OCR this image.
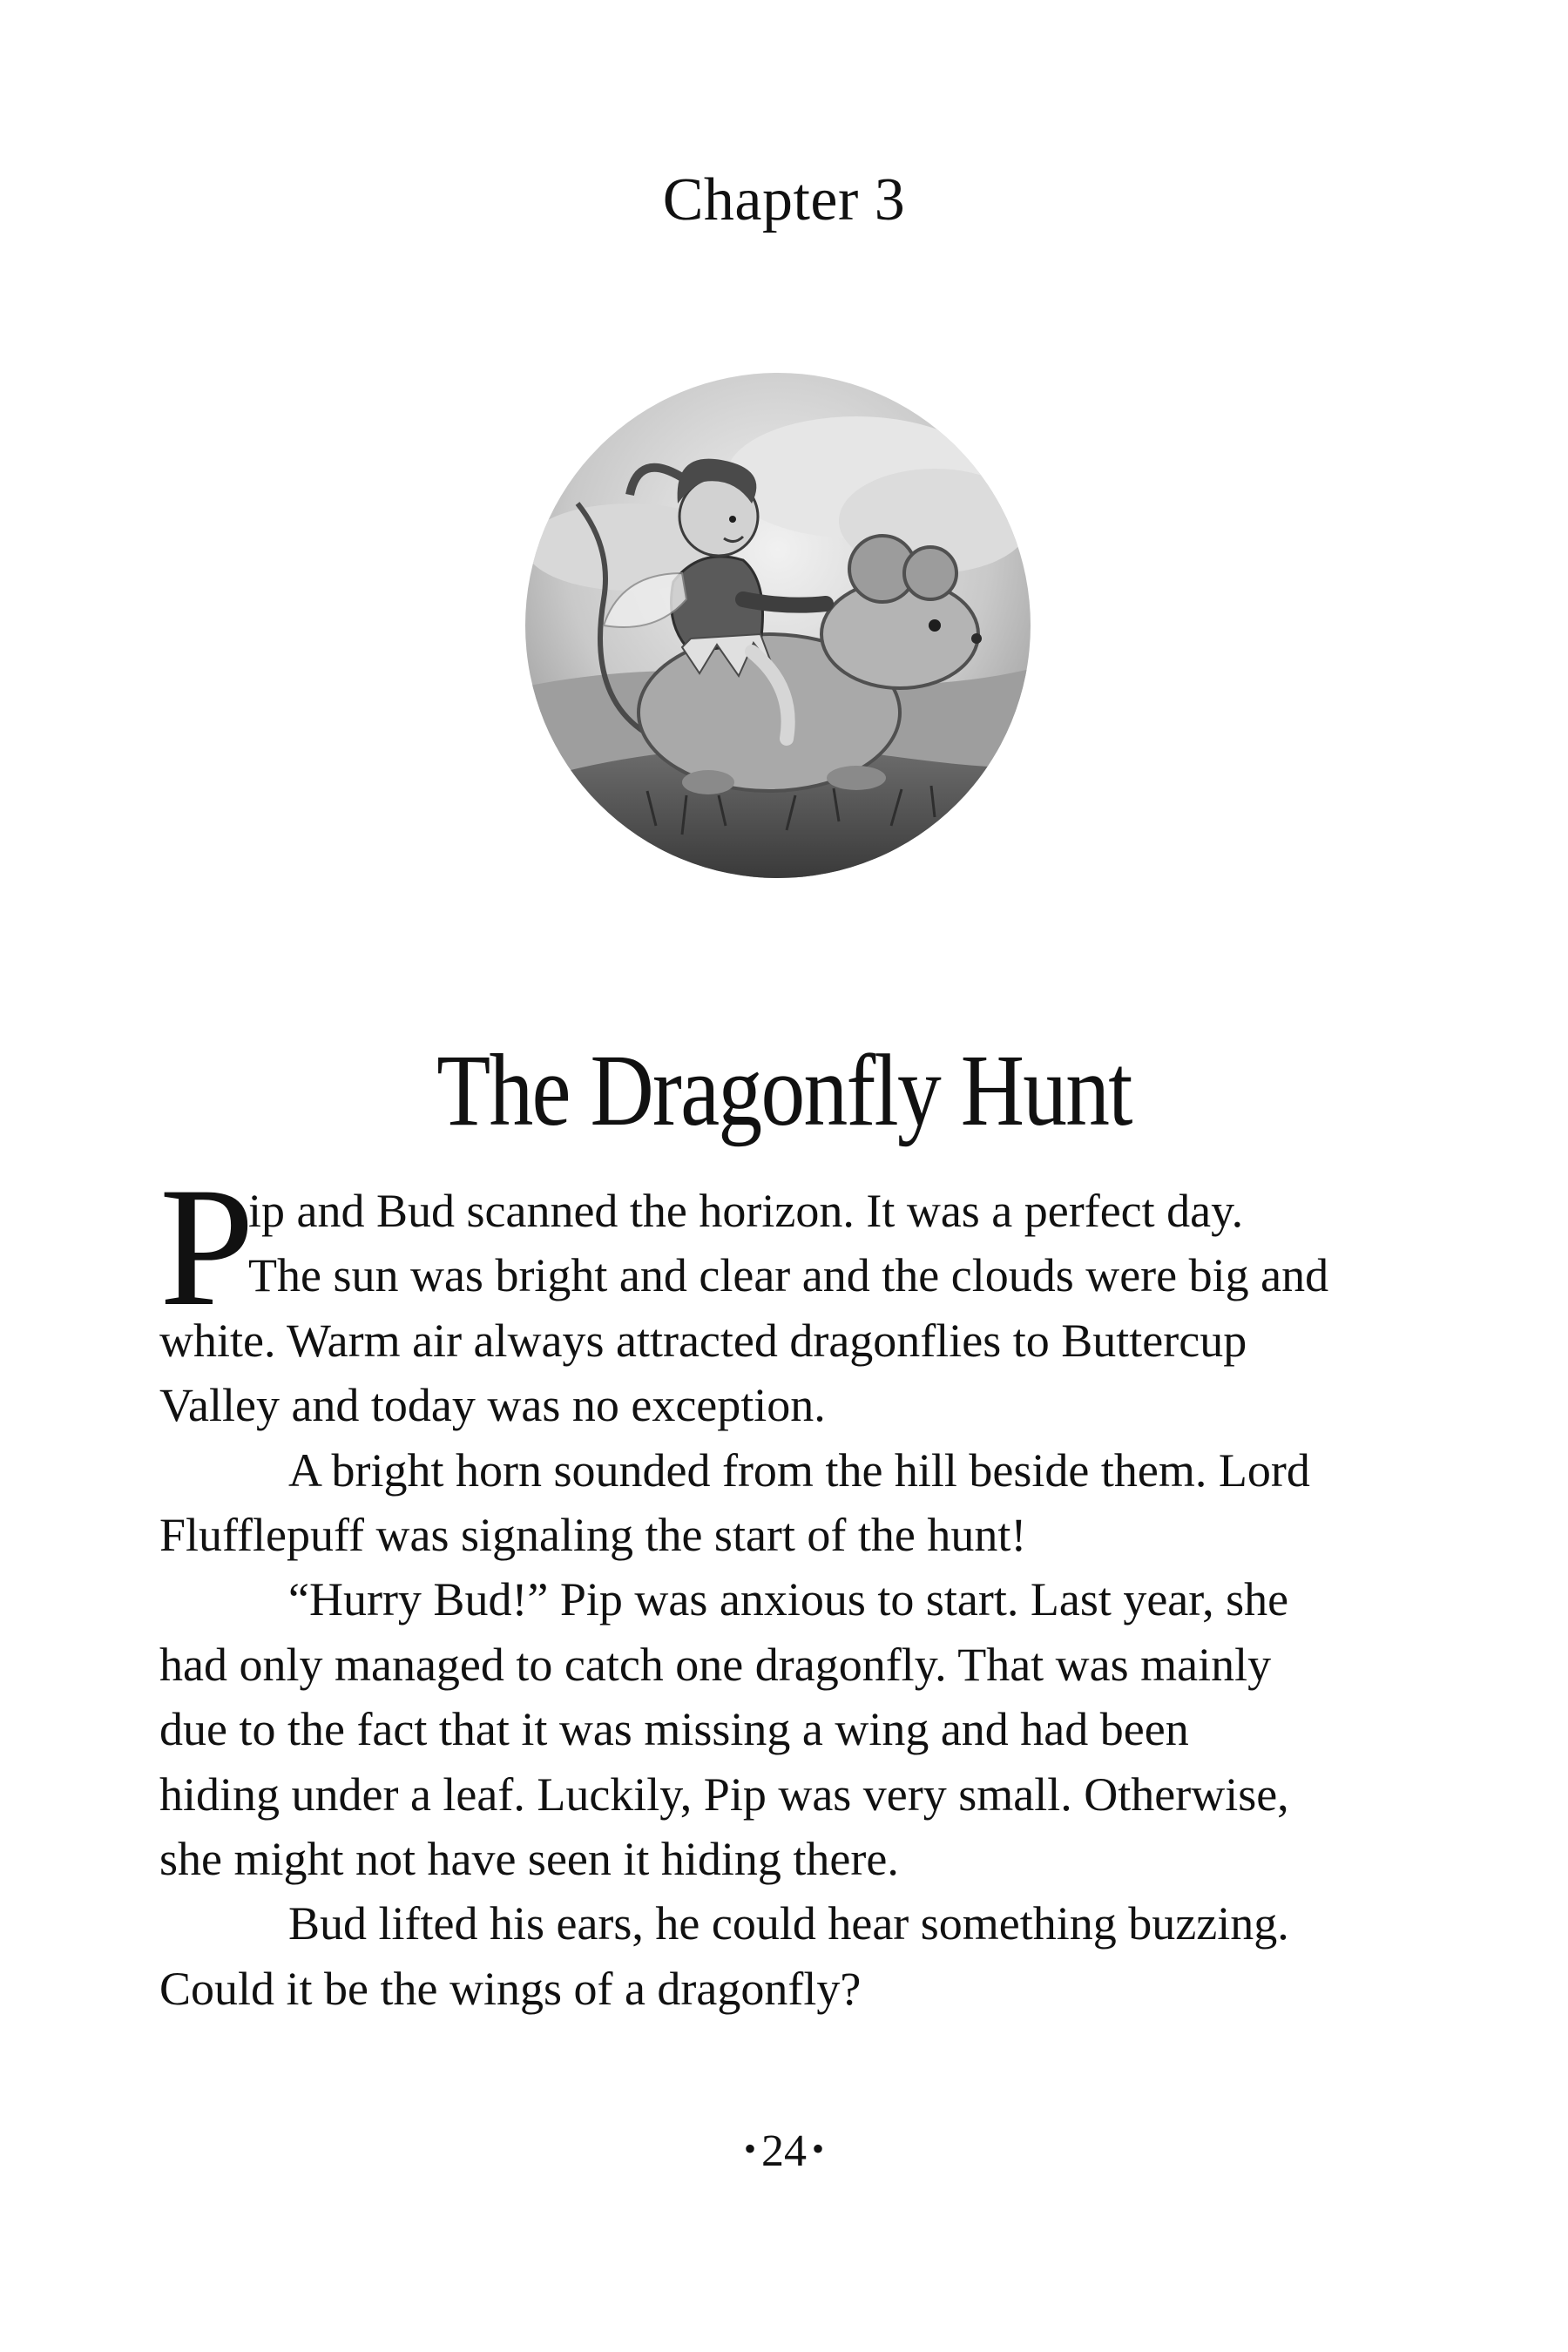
Chapter 3
The Dragonfly Hunt
P
ip and Bud scanned the horizon. It was a perfect day.
The sun was bright and clear and the clouds were big and
white. Warm air always attracted dragonflies to Buttercup
Valley and today was no exception.
A bright horn sounded from the hill beside them. Lord
Flufflepuff was signaling the start of the hunt!
“Hurry Bud!” Pip was anxious to start. Last year, she
had only managed to catch one dragonfly. That was mainly
due to the fact that it was missing a wing and had been
hiding under a leaf. Luckily, Pip was very small. Otherwise,
she might not have seen it hiding there.
Bud lifted his ears, he could hear something buzzing.
Could it be the wings of a dragonfly?
• 24 •
